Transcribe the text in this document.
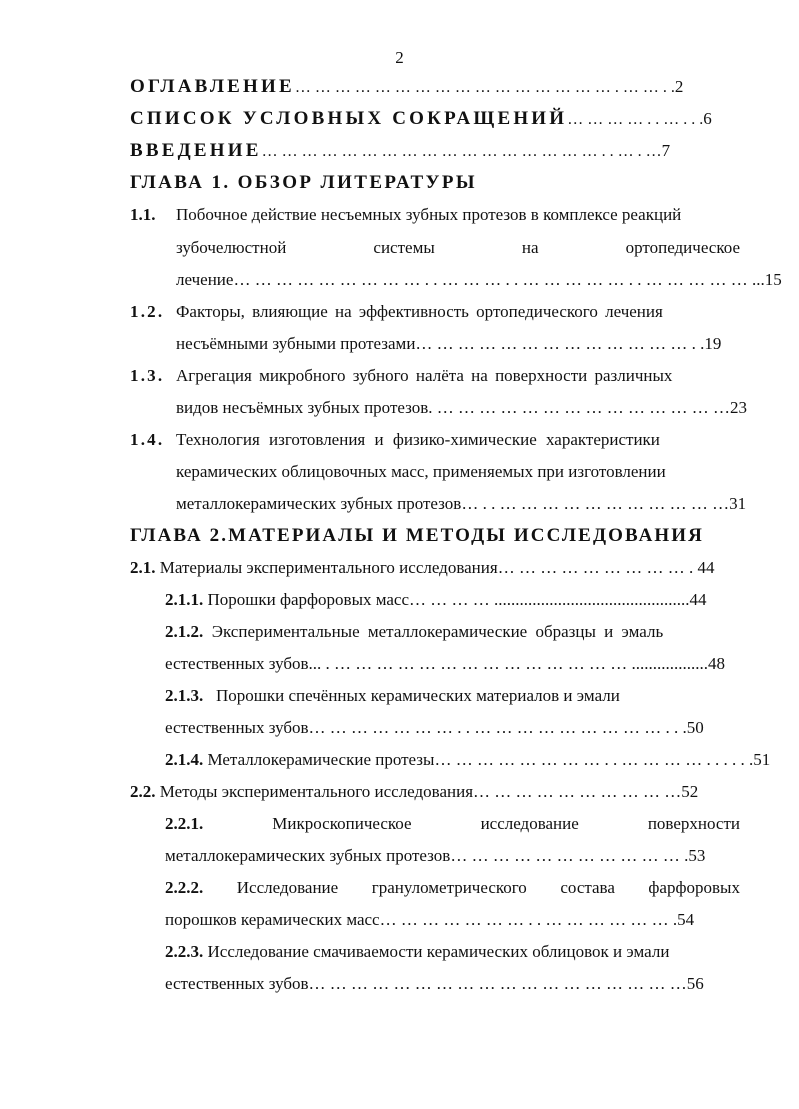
2
ОГЛАВЛЕНИЕ… … … … … … … … … … … … … … … … . … … . .2
СПИСОК УСЛОВНЫХ СОКРАЩЕНИЙ… … … … . . … . . .6
ВВЕДЕНИЕ… … … … … … … … … … … … … … … … … . . … . …7
ГЛАВА 1. ОБЗОР ЛИТЕРАТУРЫ
1.1. Побочное действие несъемных зубных протезов в комплексе реакций
зубочелюстной	системы	на	ортопедическое
лечение… … … … … … … … … . . … … … . . … … … … … . . … … … … … ...15
1.2. Факторы, влияющие на эффективность ортопедического лечения
несъёмными зубными протезами… … … … … … … … … … … … … . .19
1.3. Агрегация микробного зубного налёта на поверхности различных
видов несъёмных зубных протезов. … … … … … … … … … … … … … …23
1.4. Технология изготовления и физико-химические характеристики
керамических облицовочных масс, применяемых при изготовлении
металлокерамических зубных протезов… . . … … … … … … … … … … …31
ГЛАВА 2.МАТЕРИАЛЫ И МЕТОДЫ ИССЛЕДОВАНИЯ
2.1. Материалы экспериментального исследования… … … … … … … … … . 44
2.1.1. Порошки фарфоровых масс… … … … ..............................................44
2.1.2. Экспериментальные металлокерамические образцы и эмаль
естественных зубов... . … … … … … … … … … … … … … … ..................48
2.1.3. Порошки спечённых керамических материалов и эмали
естественных зубов… … … … … … … . . … … … … … … … … … . . .50
2.1.4. Металлокерамические протезы… … … … … … … … . . … … … … . . . . . .51
2.2. Методы экспериментального исследования… … … … … … … … … …52
2.2.1.	Микроскопическое	исследование	поверхности
металлокерамических зубных протезов… … … … … … … … … … … .53
2.2.2. Исследование гранулометрического состава фарфоровых
порошков керамических масс… … … … … … … . . … … … … … … .54
2.2.3. Исследование смачиваемости керамических облицовок и эмали
естественных зубов… … … … … … … … … … … … … … … … … …56
